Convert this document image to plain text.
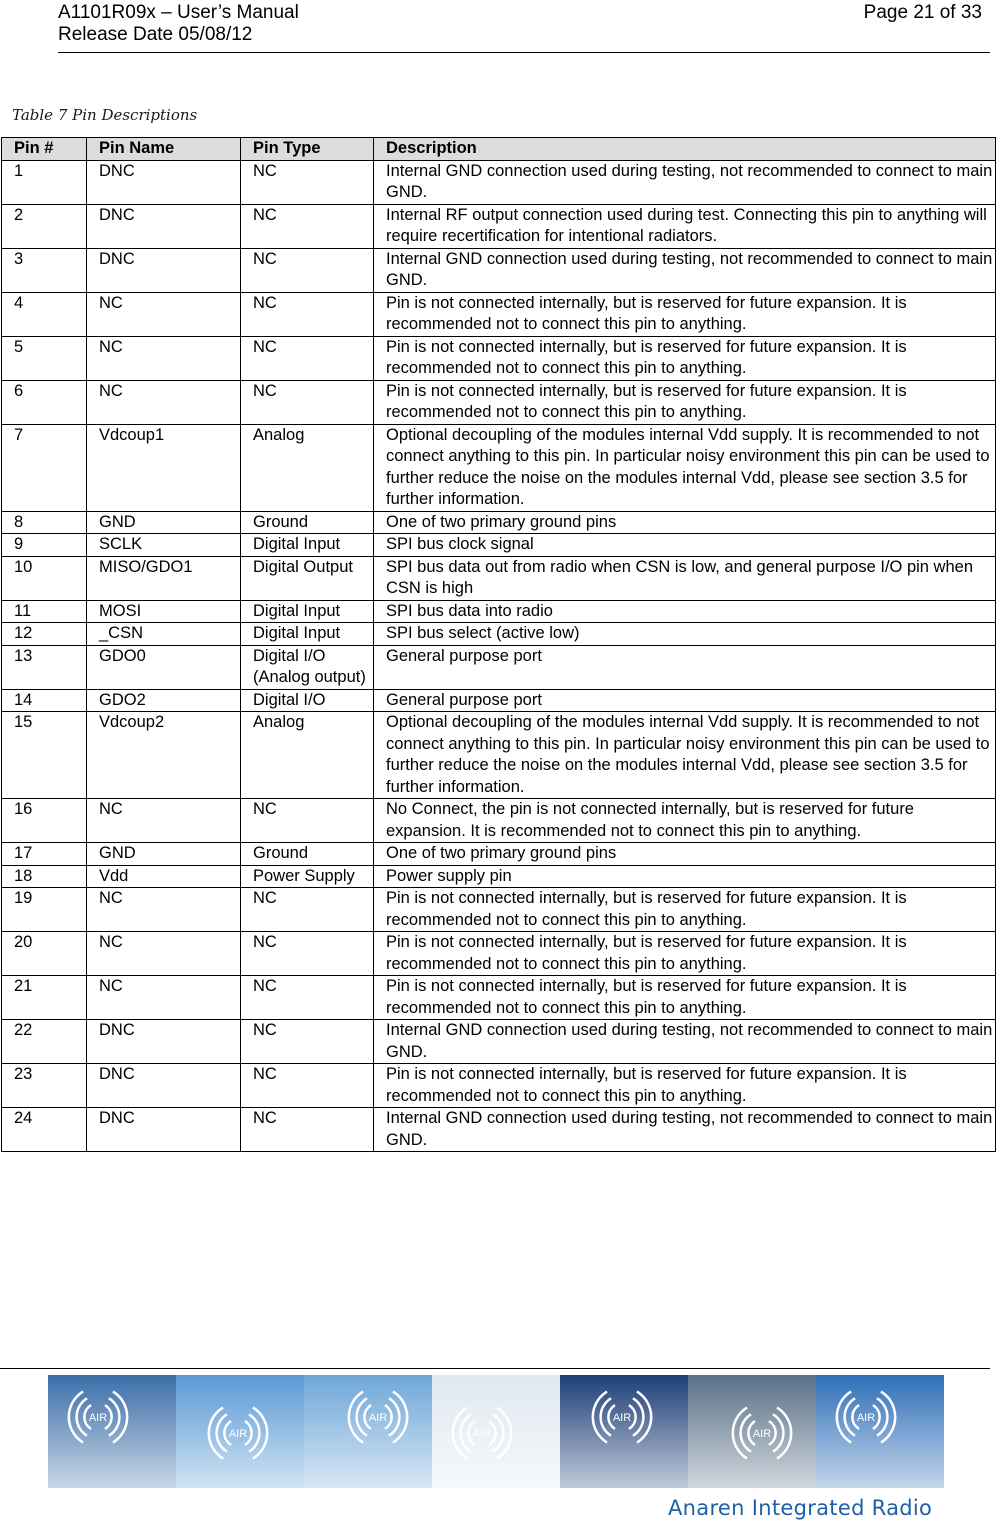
A1101R09x – User’s Manual
Release Date 05/08/12
Page 21 of 33
Table 7 Pin Descriptions
Pin #	Pin Name	Pin Type	Description
1	DNC	NC	Internal GND connection used during testing, not recommended to connect to main GND.
2	DNC	NC	Internal RF output connection used during test. Connecting this pin to anything will require recertification for intentional radiators.
3	DNC	NC	Internal GND connection used during testing, not recommended to connect to main GND.
4	NC	NC	Pin is not connected internally, but is reserved for future expansion. It is recommended not to connect this pin to anything.
5	NC	NC	Pin is not connected internally, but is reserved for future expansion. It is recommended not to connect this pin to anything.
6	NC	NC	Pin is not connected internally, but is reserved for future expansion. It is recommended not to connect this pin to anything.
7	Vdcoup1	Analog	Optional decoupling of the modules internal Vdd supply. It is recommended to not connect anything to this pin. In particular noisy environment this pin can be used to further reduce the noise on the modules internal Vdd, please see section 3.5 for further information.
8	GND	Ground	One of two primary ground pins
9	SCLK	Digital Input	SPI bus clock signal
10	MISO/GDO1	Digital Output	SPI bus data out from radio when CSN is low, and general purpose I/O pin when CSN is high
11	MOSI	Digital Input	SPI bus data into radio
12	_CSN	Digital Input	SPI bus select (active low)
13	GDO0	Digital I/O (Analog output)	General purpose port
14	GDO2	Digital I/O	General purpose port
15	Vdcoup2	Analog	Optional decoupling of the modules internal Vdd supply. It is recommended to not connect anything to this pin. In particular noisy environment this pin can be used to further reduce the noise on the modules internal Vdd, please see section 3.5 for further information.
16	NC	NC	No Connect, the pin is not connected internally, but is reserved for future expansion. It is recommended not to connect this pin to anything.
17	GND	Ground	One of two primary ground pins
18	Vdd	Power Supply	Power supply pin
19	NC	NC	Pin is not connected internally, but is reserved for future expansion. It is recommended not to connect this pin to anything.
20	NC	NC	Pin is not connected internally, but is reserved for future expansion. It is recommended not to connect this pin to anything.
21	NC	NC	Pin is not connected internally, but is reserved for future expansion. It is recommended not to connect this pin to anything.
22	DNC	NC	Internal GND connection used during testing, not recommended to connect to main GND.
23	DNC	NC	Pin is not connected internally, but is reserved for future expansion. It is recommended not to connect this pin to anything.
24	DNC	NC	Internal GND connection used during testing, not recommended to connect to main GND.
AIR
AIR
AIR
AIR
AIR
AIR
AIR
Anaren Integrated Radio
